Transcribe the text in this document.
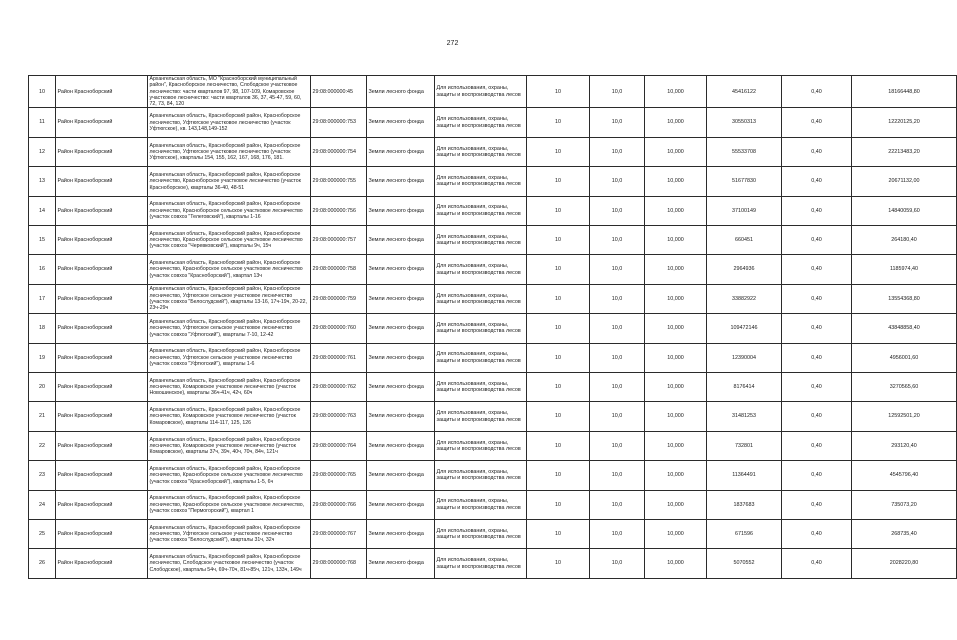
272
10	Район Красноборский	Архангельская область, МО "Красноборский муниципальный район", Красноборское лесничество, Слободское участковое лесничество: части кварталов 97, 98, 107-109, Комаровское участковое лесничество: части кварталов 36, 37, 45-47, 59, 60, 72, 73, 84, 120	29:08:000000:45	Земли лесного фонда	Для использования, охраны, защиты и воспроизводства лесов	10	10,0	10,000	45416122	0,40	18166448,80
11	Район Красноборский	Архангельская область, Красноборский район, Красноборское лесничество, Уфтюгское участковое лесничество (участок Уфтюгское), кв. 143,148,149-152	29:08:000000:753	Земли лесного фонда	Для использования, охраны, защиты и воспроизводства лесов	10	10,0	10,000	30550313	0,40	12220125,20
12	Район Красноборский	Архангельская область, Красноборский район, Красноборское лесничество, Уфтюгское участковое лесничество (участок Уфтюгское), кварталы 154, 155, 162, 167, 168, 176, 181.	29:08:000000:754	Земли лесного фонда	Для использования, охраны, защиты и воспроизводства лесов	10	10,0	10,000	55533708	0,40	22213483,20
13	Район Красноборский	Архангельская область, Красноборский район, Красноборское лесничество, Красноборское участковое лесничество (участок Красноборское), кварталы 36-40, 48-51	29:08:000000:755	Земли лесного фонда	Для использования, охраны, защиты и воспроизводства лесов	10	10,0	10,000	51677830	0,40	20671132,00
14	Район Красноборский	Архангельская область, Красноборский район, Красноборское лесничество, Красноборское сельское участковое лесничество (участок совхоз "Телеговский"), кварталы 1-16	29:08:000000:756	Земли лесного фонда	Для использования, охраны, защиты и воспроизводства лесов	10	10,0	10,000	37100149	0,40	14840059,60
15	Район Красноборский	Архангельская область, Красноборский район, Красноборское лесничество, Красноборское сельское участковое лесничество (участок совхоз "Черевковский"), кварталы 9ч, 15ч	29:08:000000:757	Земли лесного фонда	Для использования, охраны, защиты и воспроизводства лесов	10	10,0	10,000	660451	0,40	264180,40
16	Район Красноборский	Архангельская область, Красноборский район, Красноборское лесничество, Красноборское сельское участковое лесничество (участок совхоз "Красноборский"), квартал 13ч	29:08:000000:758	Земли лесного фонда	Для использования, охраны, защиты и воспроизводства лесов	10	10,0	10,000	2964936	0,40	1185974,40
17	Район Красноборский	Архангельская область, Красноборский район, Красноборское лесничество, Уфтюгское сельское участковое лесничество (участок совхоз "Белослудский"), кварталы 13-16, 17ч-19ч, 20-22, 23ч-29ч	29:08:000000:759	Земли лесного фонда	Для использования, охраны, защиты и воспроизводства лесов	10	10,0	10,000	33882922	0,40	13554368,80
18	Район Красноборский	Архангельская область, Красноборский район, Красноборское лесничество, Уфтюгское сельское участковое лесничество (участок совхоз "Уфтюгский"), кварталы 7-10, 12-42	29:08:000000:760	Земли лесного фонда	Для использования, охраны, защиты и воспроизводства лесов	10	10,0	10,000	109472146	0,40	43848858,40
19	Район Красноборский	Архангельская область, Красноборский район, Красноборское лесничество, Уфтюгское сельское участковое лесничество (участок совхоз "Уфтюгский"), кварталы 1-6	29:08:000000:761	Земли лесного фонда	Для использования, охраны, защиты и воспроизводства лесов	10	10,0	10,000	12390004	0,40	4956001,60
20	Район Красноборский	Архангельская область, Красноборский район, Красноборское лесничество, Комаровское участковое лесничество (участок Новошинское), кварталы 36ч-41ч, 42ч, 60ч	29:08:000000:762	Земли лесного фонда	Для использования, охраны, защиты и воспроизводства лесов	10	10,0	10,000	8176414	0,40	3270565,60
21	Район Красноборский	Архангельская область, Красноборский район, Красноборское лесничество, Комаровское участковое лесничество (участок Комаровское), кварталы 114-117, 125, 126	29:08:000000:763	Земли лесного фонда	Для использования, охраны, защиты и воспроизводства лесов	10	10,0	10,000	31481253	0,40	12592501,20
22	Район Красноборский	Архангельская область, Красноборский район, Красноборское лесничество, Комаровское участковое лесничество (участок Комаровское), кварталы 37ч, 39ч, 40ч, 70ч, 84ч, 121ч	29:08:000000:764	Земли лесного фонда	Для использования, охраны, защиты и воспроизводства лесов	10	10,0	10,000	732801	0,40	293120,40
23	Район Красноборский	Архангельская область, Красноборский район, Красноборское лесничество, Красноборское сельское участковое лесничество (участок совхоз "Красноборский"), кварталы 1-5, 6ч	29:08:000000:765	Земли лесного фонда	Для использования, охраны, защиты и воспроизводства лесов	10	10,0	10,000	11364491	0,40	4545796,40
24	Район Красноборский	Архангельская область, Красноборский район, Красноборское лесничество, Красноборское сельское участковое лесничество, (участок совхоз "Пермогорский"), квартал 1	29:08:000000:766	Земли лесного фонда	Для использования, охраны, защиты и воспроизводства лесов	10	10,0	10,000	1837683	0,40	735073,20
25	Район Красноборский	Архангельская область, Красноборский район, Красноборское лесничество, Уфтюгское сельское участковое лесничество (участок совхоз "Белослудский"), кварталы 31ч, 32ч	29:08:000000:767	Земли лесного фонда	Для использования, охраны, защиты и воспроизводства лесов	10	10,0	10,000	671596	0,40	268735,40
26	Район Красноборский	Архангельская область, Красноборский район, Красноборское лесничество, Слободское участковое лесничество (участок Слободское), кварталы 54ч, 69ч-70ч, 81ч-85ч, 121ч, 133ч, 149ч	29:08:000000:768	Земли лесного фонда	Для использования, охраны, защиты и воспроизводства лесов	10	10,0	10,000	5070552	0,40	2028220,80
